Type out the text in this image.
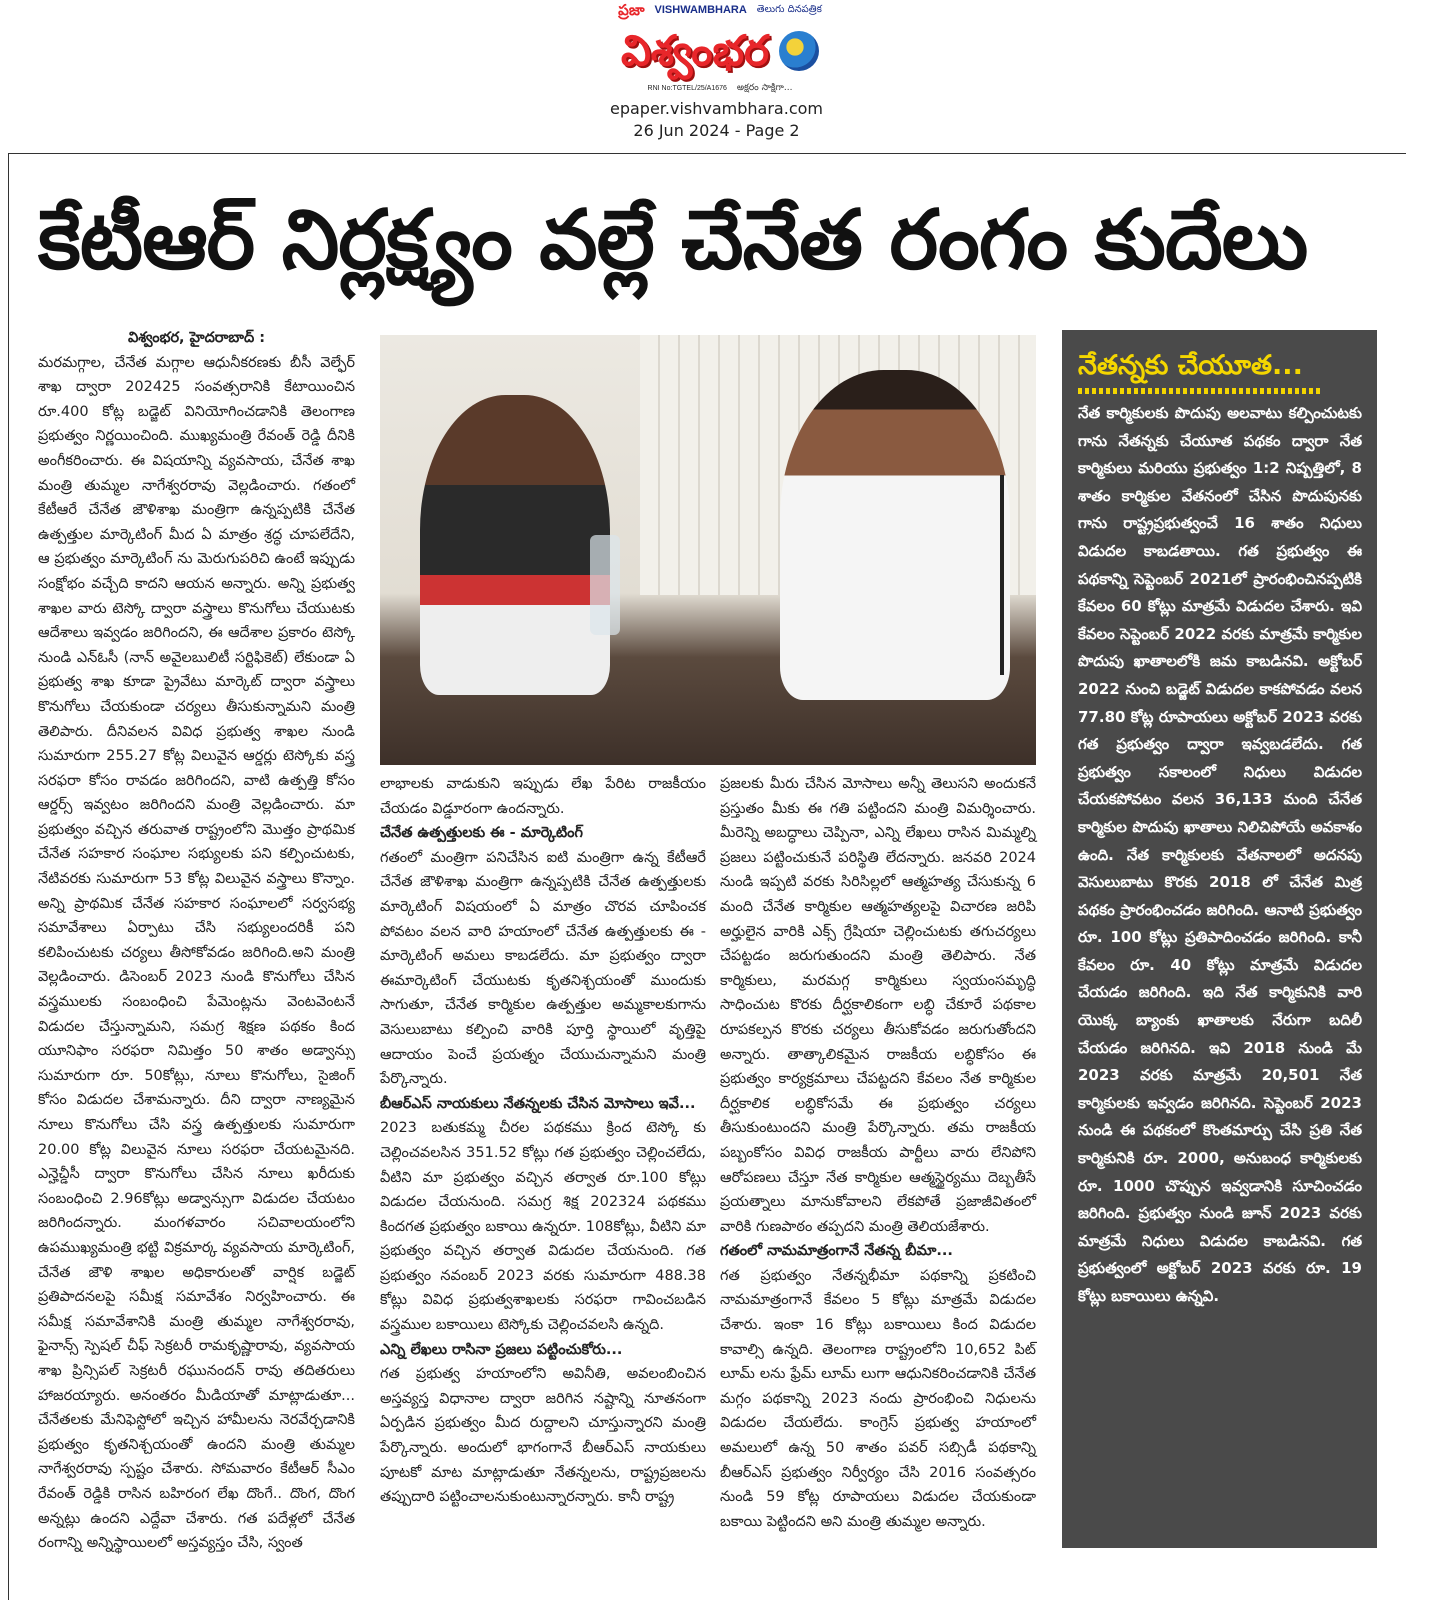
ప్రజా VISHWAMBHARA తెలుగు దినపత్రిక
విశ్వంభర
RNI No:TGTEL/25/A1676 అక్షరం సాక్షిగా...
epaper.vishvambhara.com
26 Jun 2024 - Page 2
కేటీఆర్ నిర్లక్ష్యం వల్లే చేనేత రంగం కుదేలు
విశ్వంభర, హైదరాబాద్ :
మరమగ్గాల, చేనేత మగ్గాల ఆధునీకరణకు బీసీ వెల్ఫేర్ శాఖ ద్వారా 202425 సంవత్సరానికి కేటాయించిన రూ.400 కోట్ల బడ్జెట్ వినియోగించడానికి తెలంగాణ ప్రభుత్వం నిర్ణయించింది. ముఖ్యమంత్రి రేవంత్ రెడ్డి దీనికి అంగీకరించారు. ఈ విషయాన్ని వ్యవసాయ, చేనేత శాఖ మంత్రి తుమ్మల నాగేశ్వరరావు వెల్లడించారు. గతంలో కేటీఆరే చేనేత జౌళిశాఖ మంత్రిగా ఉన్నప్పటికి చేనేత ఉత్పత్తుల మార్కెటింగ్ మీద ఏ మాత్రం శ్రద్ధ చూపలేదేని, ఆ ప్రభుత్వం మార్కెటింగ్ ను మెరుగుపరిచి ఉంటే ఇప్పుడు సంక్షోభం వచ్చేది కాదని ఆయన అన్నారు. అన్ని ప్రభుత్వ శాఖల వారు టెస్కో ద్వారా వస్త్రాలు కొనుగోలు చేయుటకు ఆదేశాలు ఇవ్వడం జరిగిందని, ఈ ఆదేశాల ప్రకారం టెస్కో నుండి ఎన్ఓసీ (నాన్ అవైలబులిటీ సర్టిఫికెట్) లేకుండా ఏ ప్రభుత్వ శాఖ కూడా ప్రైవేటు మార్కెట్ ద్వారా వస్త్రాలు కొనుగోలు చేయకుండా చర్యలు తీసుకున్నామని మంత్రి తెలిపారు. దీనివలన వివిధ ప్రభుత్వ శాఖల నుండి సుమారుగా 255.27 కోట్ల విలువైన ఆర్డర్లు టెస్కోకు వస్త్ర సరఫరా కోసం రావడం జరిగిందని, వాటి ఉత్పత్తి కోసం ఆర్డర్స్ ఇవ్వటం జరిగిందని మంత్రి వెల్లడించారు. మా ప్రభుత్వం వచ్చిన తరువాత రాష్ట్రంలోని మొత్తం ప్రాథమిక చేనేత సహకార సంఘాల సభ్యులకు పని కల్పించుటకు, నేటివరకు సుమారుగా 53 కోట్ల విలువైన వస్త్రాలు కొన్నాం. అన్ని ప్రాథమిక చేనేత సహకార సంఘాలలో సర్వసభ్య సమావేశాలు ఏర్పాటు చేసి సభ్యులందరికీ పని కలిపించుటకు చర్యలు తీసోకోవడం జరిగింది.అని మంత్రి వెల్లడించారు. డిసెంబర్ 2023 నుండి కొనుగోలు చేసిన వస్త్రములకు సంబంధించి పేమెంట్లను వెంటవెంటనే విడుదల చేస్తున్నామని, సమగ్ర శిక్షణ పథకం కింద యూనిఫాం సరఫరా నిమిత్తం 50 శాతం అడ్వాన్సు సుమారుగా రూ. 50కోట్లు, నూలు కొనుగోలు, సైజింగ్ కోసం విడుదల చేశామన్నారు. దీని ద్వారా నాణ్యమైన నూలు కొనుగోలు చేసి వస్త్ర ఉత్పత్తులకు సుమారుగా 20.00 కోట్ల విలువైన నూలు సరఫరా చేయటమైనది. ఎన్హెచ్డీసీ ద్వారా కొనుగోలు చేసిన నూలు ఖరీదుకు సంబంధించి 2.96కోట్లు అడ్వాన్సుగా విడుదల చేయటం జరిగిందన్నారు. మంగళవారం సచివాలయంలోని ఉపముఖ్యమంత్రి భట్టి విక్రమార్క వ్యవసాయ మార్కెటింగ్, చేనేత జౌళి శాఖల అధికారులతో వార్షిక బడ్జెట్ ప్రతిపాదనలపై సమీక్ష సమావేశం నిర్వహించారు. ఈ సమీక్ష సమావేశానికి మంత్రి తుమ్మల నాగేశ్వరరావు, ఫైనాన్స్ స్పెషల్ చీఫ్ సెక్రటరీ రామకృష్ణారావు, వ్యవసాయ శాఖ ప్రిన్సిపల్ సెక్రటరీ రఘునందన్ రావు తదితరులు హాజరయ్యారు. అనంతరం మీడియాతో మాట్లాడుతూ... చేనేతలకు మేనిఫెస్టోలో ఇచ్చిన హామీలను నెరవేర్చడానికి ప్రభుత్వం కృతనిశ్చయంతో ఉందని మంత్రి తుమ్మల నాగేశ్వరరావు స్పష్టం చేశారు. సోమవారం కేటీఆర్ సీఎం రేవంత్ రెడ్డికి రాసిన బహిరంగ లేఖ దొంగే.. దొంగ, దొంగ అన్నట్లు ఉందని ఎద్దేవా చేశారు. గత పదేళ్లలో చేనేత రంగాన్ని అన్నిస్థాయిలలో అస్తవ్యస్తం చేసి, స్వంత
లాభాలకు వాడుకుని ఇప్పుడు లేఖ పేరిట రాజకీయం చేయడం విడ్డూరంగా ఉందన్నారు.
చేనేత ఉత్పత్తులకు ఈ - మార్కెటింగ్
గతంలో మంత్రిగా పనిచేసిన ఐటి మంత్రిగా ఉన్న కేటీఆరే చేనేత జౌళిశాఖ మంత్రిగా ఉన్నప్పటికి చేనేత ఉత్పత్తులకు మార్కెటింగ్ విషయంలో ఏ మాత్రం చొరవ చూపించక పోవటం వలన వారి హయాంలో చేనేత ఉత్పత్తులకు ఈ - మార్కెటింగ్ అమలు కాబడలేదు. మా ప్రభుత్వం ద్వారా ఈమార్కెటింగ్ చేయుటకు కృతనిశ్చయంతో ముందుకు సాగుతూ, చేనేత కార్మికుల ఉత్పత్తుల అమ్మకాలకుగాను వెసులుబాటు కల్పించి వారికి పూర్తి స్థాయిలో వృత్తిపై ఆదాయం పెంచే ప్రయత్నం చేయుచున్నామని మంత్రి పేర్కొన్నారు.
బీఆర్ఎస్ నాయకులు నేతన్నలకు చేసిన మోసాలు ఇవే...
2023 బతుకమ్మ చీరల పథకము క్రింద టెస్కో కు చెల్లించవలసిన 351.52 కోట్లు గత ప్రభుత్వం చెల్లించలేదు, వీటిని మా ప్రభుత్వం వచ్చిన తర్వాత రూ.100 కోట్లు విడుదల చేయనుంది. సమగ్ర శిక్ష 202324 పథకము కిందగత ప్రభుత్వం బకాయి ఉన్నరూ. 108కోట్లు, వీటిని మా ప్రభుత్వం వచ్చిన తర్వాత విడుదల చేయనుంది. గత ప్రభుత్వం నవంబర్ 2023 వరకు సుమారుగా 488.38 కోట్లు వివిధ ప్రభుత్వశాఖలకు సరఫరా గావించబడిన వస్త్రముల బకాయిలు టెస్కోకు చెల్లించవలసి ఉన్నది.
ఎన్ని లేఖలు రాసినా ప్రజలు పట్టించుకోరు...
గత ప్రభుత్వ హయాంలోని అవినీతి, అవలంబించిన అస్తవ్యస్త విధానాల ద్వారా జరిగిన నష్టాన్ని నూతనంగా ఏర్పడిన ప్రభుత్వం మీద రుద్దాలని చూస్తున్నారని మంత్రి పేర్కొన్నారు. అందులో భాగంగానే బీఆర్ఎస్ నాయకులు పూటకో మాట మాట్లాడుతూ నేతన్నలను, రాష్ట్రప్రజలను తప్పుదారి పట్టించాలనుకుంటున్నారన్నారు. కానీ రాష్ట్ర
ప్రజలకు మీరు చేసిన మోసాలు అన్నీ తెలుసని అందుకనే ప్రస్తుతం మీకు ఈ గతి పట్టిందని మంత్రి విమర్శించారు. మీరెన్ని అబద్ధాలు చెప్పినా, ఎన్ని లేఖలు రాసిన మిమ్మల్ని ప్రజలు పట్టించుకునే పరిస్థితి లేదన్నారు. జనవరి 2024 నుండి ఇప్పటి వరకు సిరిసిల్లలో ఆత్మహత్య చేసుకున్న 6 మంది చేనేత కార్మికుల ఆత్మహత్యలపై విచారణ జరిపి అర్హులైన వారికి ఎక్స్ గ్రేషియా చెల్లించుటకు తగుచర్యలు చేపట్టడం జరుగుతుందని మంత్రి తెలిపారు. నేత కార్మికులు, మరమగ్గ కార్మికులు స్వయంసమృద్ధి సాధించుట కొరకు దీర్ఘకాలికంగా లబ్ధి చేకూరే పథకాల రూపకల్పన కొరకు చర్యలు తీసుకోవడం జరుగుతోందని అన్నారు. తాత్కాలికమైన రాజకీయ లబ్ధికోసం ఈ ప్రభుత్వం కార్యక్రమాలు చేపట్టదని కేవలం నేత కార్మికుల దీర్ఘకాలిక లబ్ధికోసమే ఈ ప్రభుత్వం చర్యలు తీసుకుంటుందని మంత్రి పేర్కొన్నారు. తమ రాజకీయ పబ్బంకోసం వివిధ రాజకీయ పార్టీలు వారు లేనిపోని ఆరోపణలు చేస్తూ నేత కార్మికుల ఆత్మస్థైర్యము దెబ్బతీసే ప్రయత్నాలు మానుకోవాలని లేకపోతే ప్రజాజీవితంలో వారికి గుణపాఠం తప్పదని మంత్రి తెలియజేశారు.
గతంలో నామమాత్రంగానే నేతన్న బీమా...
గత ప్రభుత్వం నేతన్నభీమా పథకాన్ని ప్రకటించి నామమాత్రంగానే కేవలం 5 కోట్లు మాత్రమే విడుదల చేశారు. ఇంకా 16 కోట్లు బకాయిలు కింద విడుదల కావాల్సి ఉన్నది. తెలంగాణ రాష్ట్రంలోని 10,652 పిట్ లూమ్ లను ఫ్రేమ్ లూమ్ లుగా ఆధునికరించడానికి చేనేత మగ్గం పథకాన్ని 2023 నందు ప్రారంభించి నిధులను విడుదల చేయలేదు. కాంగ్రెస్ ప్రభుత్వ హయాంలో అమలులో ఉన్న 50 శాతం పవర్ సబ్సిడీ పథకాన్ని బీఆర్ఎస్ ప్రభుత్వం నిర్వీర్యం చేసి 2016 సంవత్సరం నుండి 59 కోట్ల రూపాయలు విడుదల చేయకుండా బకాయి పెట్టిందని అని మంత్రి తుమ్మల అన్నారు.
నేతన్నకు చేయూత...
నేత కార్మికులకు పొదుపు అలవాటు కల్పించుటకు గాను నేతన్నకు చేయూత పథకం ద్వారా నేత కార్మికులు మరియు ప్రభుత్వం 1:2 నిష్పత్తిలో, 8 శాతం కార్మికుల వేతనంలో చేసిన పొదుపునకు గాను రాష్ట్రప్రభుత్వంచే 16 శాతం నిధులు విడుదల కాబడతాయి. గత ప్రభుత్వం ఈ పథకాన్ని సెప్టెంబర్ 2021లో ప్రారంభించినప్పటికి కేవలం 60 కోట్లు మాత్రమే విడుదల చేశారు. ఇవి కేవలం సెప్టెంబర్ 2022 వరకు మాత్రమే కార్మికుల పొదుపు ఖాతాలలోకి జమ కాబడినవి. అక్టోబర్ 2022 నుంచి బడ్జెట్ విడుదల కాకపోవడం వలన 77.80 కోట్ల రూపాయలు అక్టోబర్ 2023 వరకు గత ప్రభుత్వం ద్వారా ఇవ్వబడలేదు. గత ప్రభుత్వం సకాలంలో నిధులు విడుదల చేయకపోవటం వలన 36,133 మంది చేనేత కార్మికుల పొదుపు ఖాతాలు నిలిచిపోయే అవకాశం ఉంది. నేత కార్మికులకు వేతనాలలో అదనపు వెసులుబాటు కొరకు 2018 లో చేనేత మిత్ర పథకం ప్రారంభించడం జరిగింది. ఆనాటి ప్రభుత్వం రూ. 100 కోట్లు ప్రతిపాదించడం జరిగింది. కానీ కేవలం రూ. 40 కోట్లు మాత్రమే విడుదల చేయడం జరిగింది. ఇది నేత కార్మికునికి వారి యొక్క బ్యాంకు ఖాతాలకు నేరుగా బదిలీ చేయడం జరిగినది. ఇవి 2018 నుండి మే 2023 వరకు మాత్రమే 20,501 నేత కార్మికులకు ఇవ్వడం జరిగినది. సెప్టెంబర్ 2023 నుండి ఈ పథకంలో కొంతమార్పు చేసి ప్రతి నేత కార్మికునికి రూ. 2000, అనుబంధ కార్మికులకు రూ. 1000 చొప్పున ఇవ్వడానికి సూచించడం జరిగింది. ప్రభుత్వం నుండి జూన్ 2023 వరకు మాత్రమే నిధులు విడుదల కాబడినవి. గత ప్రభుత్వంలో అక్టోబర్ 2023 వరకు రూ. 19 కోట్లు బకాయిలు ఉన్నవి.
